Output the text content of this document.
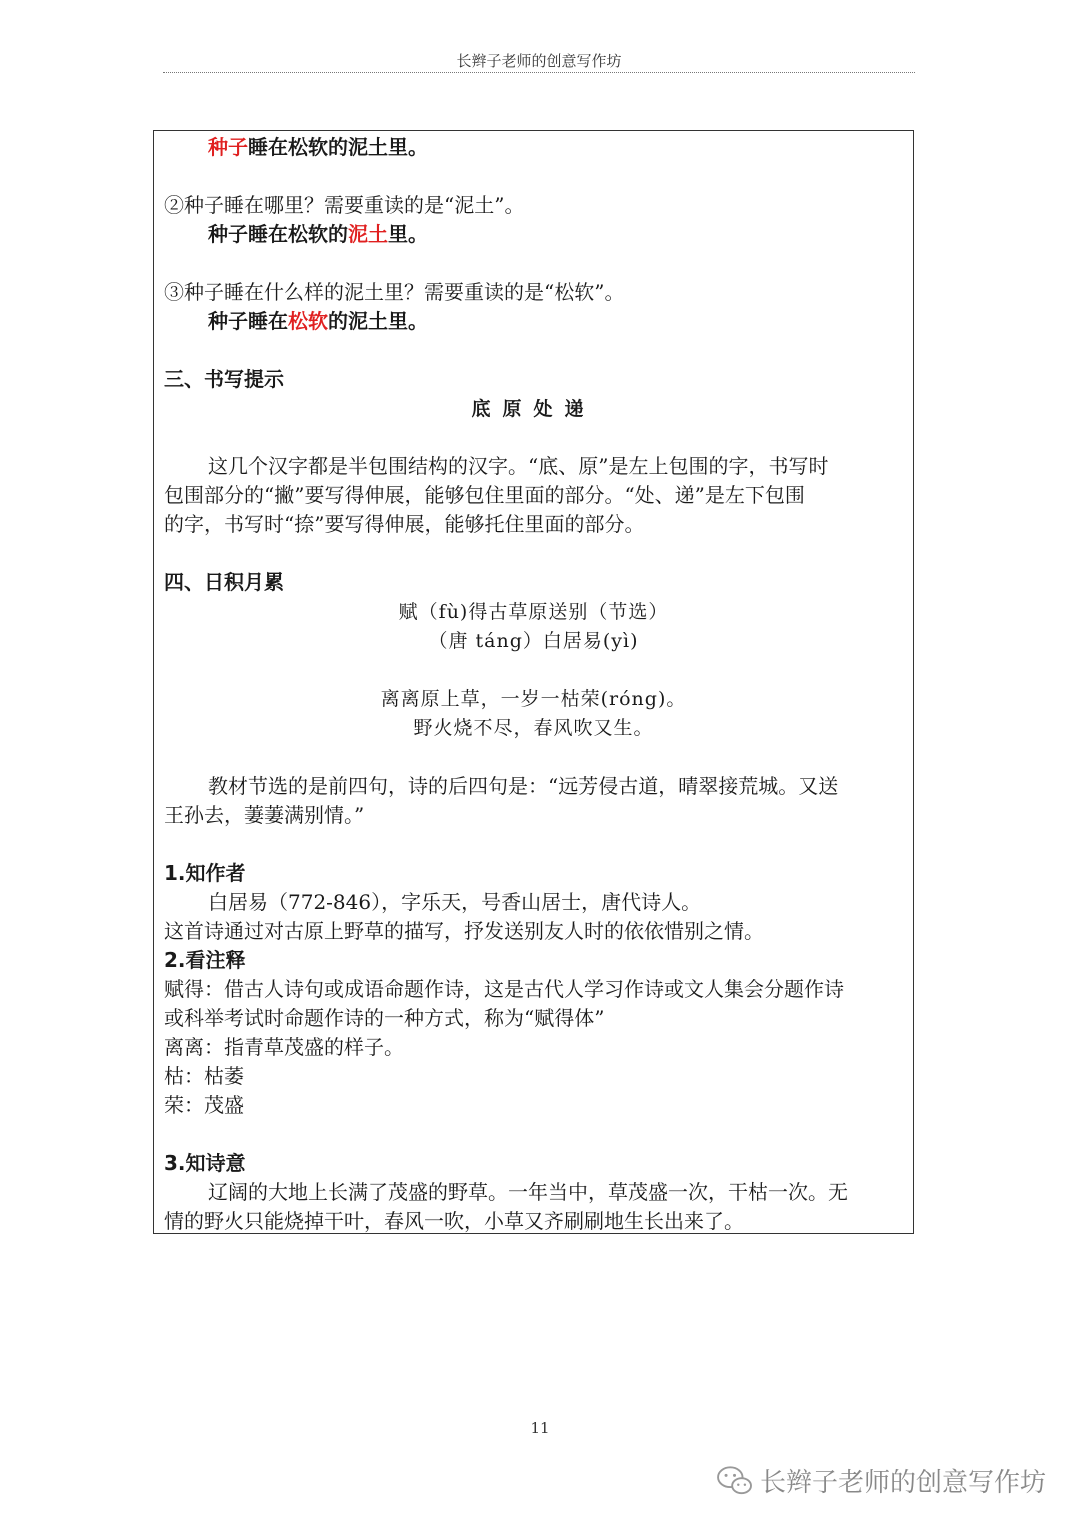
长辫子老师的创意写作坊
种子睡在松软的泥土里。
②种子睡在哪里？需要重读的是“泥土”。
种子睡在松软的泥土里。
③种子睡在什么样的泥土里？需要重读的是“松软”。
种子睡在松软的泥土里。
三、书写提示
底原处递
这几个汉字都是半包围结构的汉字。“底、原”是左上包围的字，书写时
包围部分的“撇”要写得伸展，能够包住里面的部分。“处、递”是左下包围
的字，书写时“捺”要写得伸展，能够托住里面的部分。
四、日积月累
赋（fù)得古草原送别（节选）
（唐 táng）白居易(yì)
离离原上草，一岁一枯荣(róng)。
野火烧不尽，春风吹又生。
教材节选的是前四句，诗的后四句是：“远芳侵古道，晴翠接荒城。又送
王孙去，萋萋满别情。”
1.知作者
白居易（772-846），字乐天，号香山居士，唐代诗人。
这首诗通过对古原上野草的描写，抒发送别友人时的依依惜别之情。
2.看注释
赋得：借古人诗句或成语命题作诗，这是古代人学习作诗或文人集会分题作诗
或科举考试时命题作诗的一种方式，称为“赋得体”
离离：指青草茂盛的样子。
枯：枯萎
荣：茂盛
3.知诗意
辽阔的大地上长满了茂盛的野草。一年当中，草茂盛一次，干枯一次。无
情的野火只能烧掉干叶，春风一吹，小草又齐刷刷地生长出来了。
11
长辫子老师的创意写作坊
